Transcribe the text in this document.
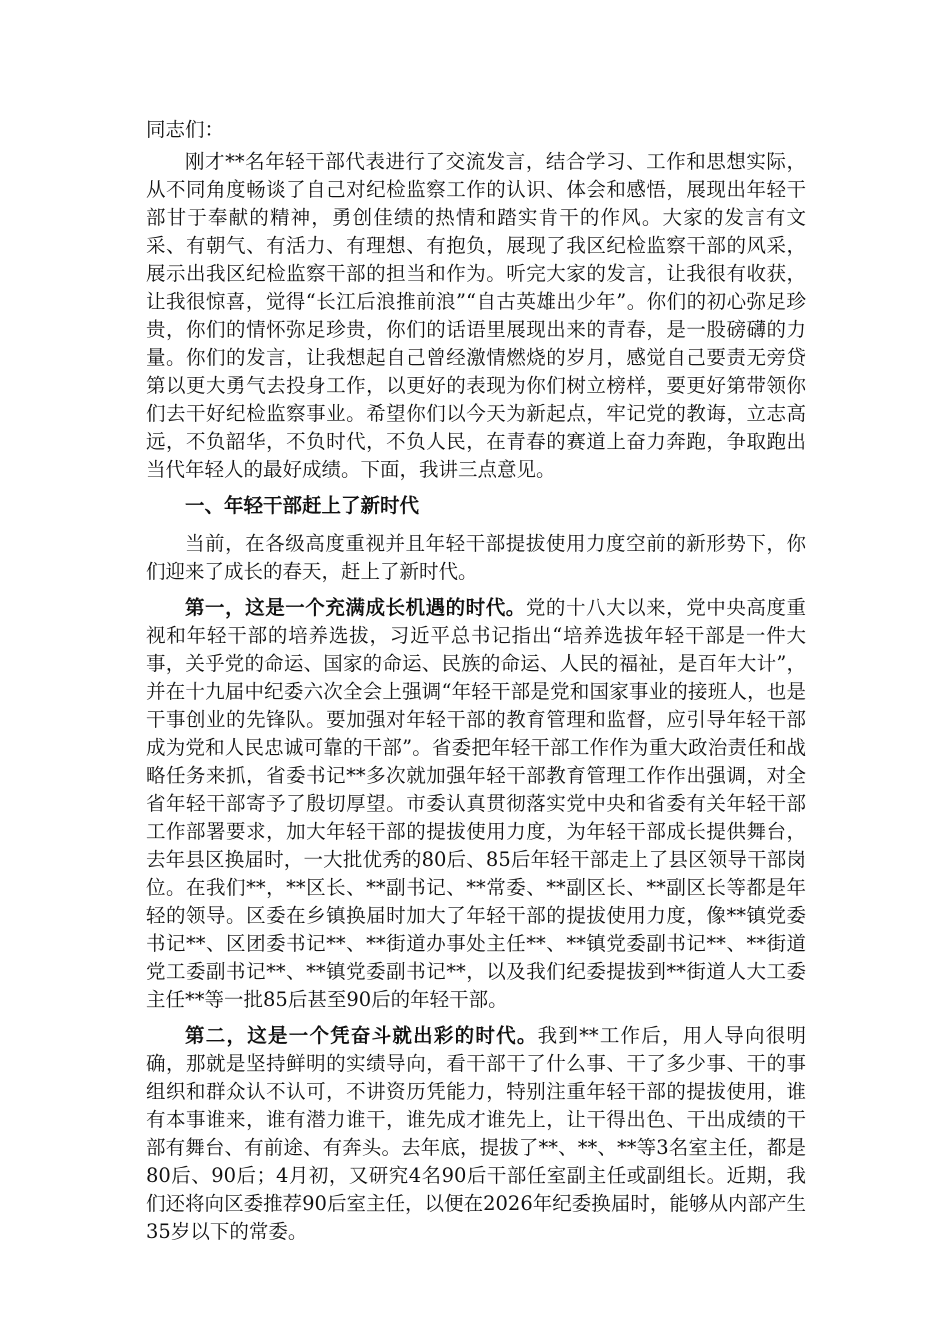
同志们：

刚才**名年轻干部代表进行了交流发言，结合学习、工作和思想实际，从不同角度畅谈了自己对纪检监察工作的认识、体会和感悟，展现出年轻干部甘于奉献的精神，勇创佳绩的热情和踏实肯干的作风。大家的发言有文采、有朝气、有活力、有理想、有抱负，展现了我区纪检监察干部的风采，展示出我区纪检监察干部的担当和作为。听完大家的发言，让我很有收获，让我很惊喜，觉得“长江后浪推前浪”“自古英雄出少年”。你们的初心弥足珍贵，你们的情怀弥足珍贵，你们的话语里展现出来的青春，是一股磅礴的力量。你们的发言，让我想起自己曾经激情燃烧的岁月，感觉自己要责无旁贷第以更大勇气去投身工作，以更好的表现为你们树立榜样，要更好第带领你们去干好纪检监察事业。希望你们以今天为新起点，牢记党的教诲，立志高远，不负韶华，不负时代，不负人民，在青春的赛道上奋力奔跑，争取跑出当代年轻人的最好成绩。下面，我讲三点意见。

一、年轻干部赶上了新时代

当前，在各级高度重视并且年轻干部提拔使用力度空前的新形势下，你们迎来了成长的春天，赶上了新时代。

第一，这是一个充满成长机遇的时代。党的十八大以来，党中央高度重视和年轻干部的培养选拔，习近平总书记指出“培养选拔年轻干部是一件大事，关乎党的命运、国家的命运、民族的命运、人民的福祉，是百年大计”，并在十九届中纪委六次全会上强调“年轻干部是党和国家事业的接班人，也是干事创业的先锋队。要加强对年轻干部的教育管理和监督，应引导年轻干部成为党和人民忠诚可靠的干部”。省委把年轻干部工作作为重大政治责任和战略任务来抓，省委书记**多次就加强年轻干部教育管理工作作出强调，对全省年轻干部寄予了殷切厚望。市委认真贯彻落实党中央和省委有关年轻干部工作部署要求，加大年轻干部的提拔使用力度，为年轻干部成长提供舞台，去年县区换届时，一大批优秀的80后、85后年轻干部走上了县区领导干部岗位。在我们**，**区长、**副书记、**常委、**副区长、**副区长等都是年轻的领导。区委在乡镇换届时加大了年轻干部的提拔使用力度，像**镇党委书记**、区团委书记**、**街道办事处主任**、**镇党委副书记**、**街道党工委副书记**、**镇党委副书记**，以及我们纪委提拔到**街道人大工委主任**等一批85后甚至90后的年轻干部。

第二，这是一个凭奋斗就出彩的时代。我到**工作后，用人导向很明确，那就是坚持鲜明的实绩导向，看干部干了什么事、干了多少事、干的事组织和群众认不认可，不讲资历凭能力，特别注重年轻干部的提拔使用，谁有本事谁来，谁有潜力谁干，谁先成才谁先上，让干得出色、干出成绩的干部有舞台、有前途、有奔头。去年底，提拔了**、**、**等3名室主任，都是80后、90后；4月初，又研究4名90后干部任室副主任或副组长。近期，我们还将向区委推荐90后室主任，以便在2026年纪委换届时，能够从内部产生35岁以下的常委。
